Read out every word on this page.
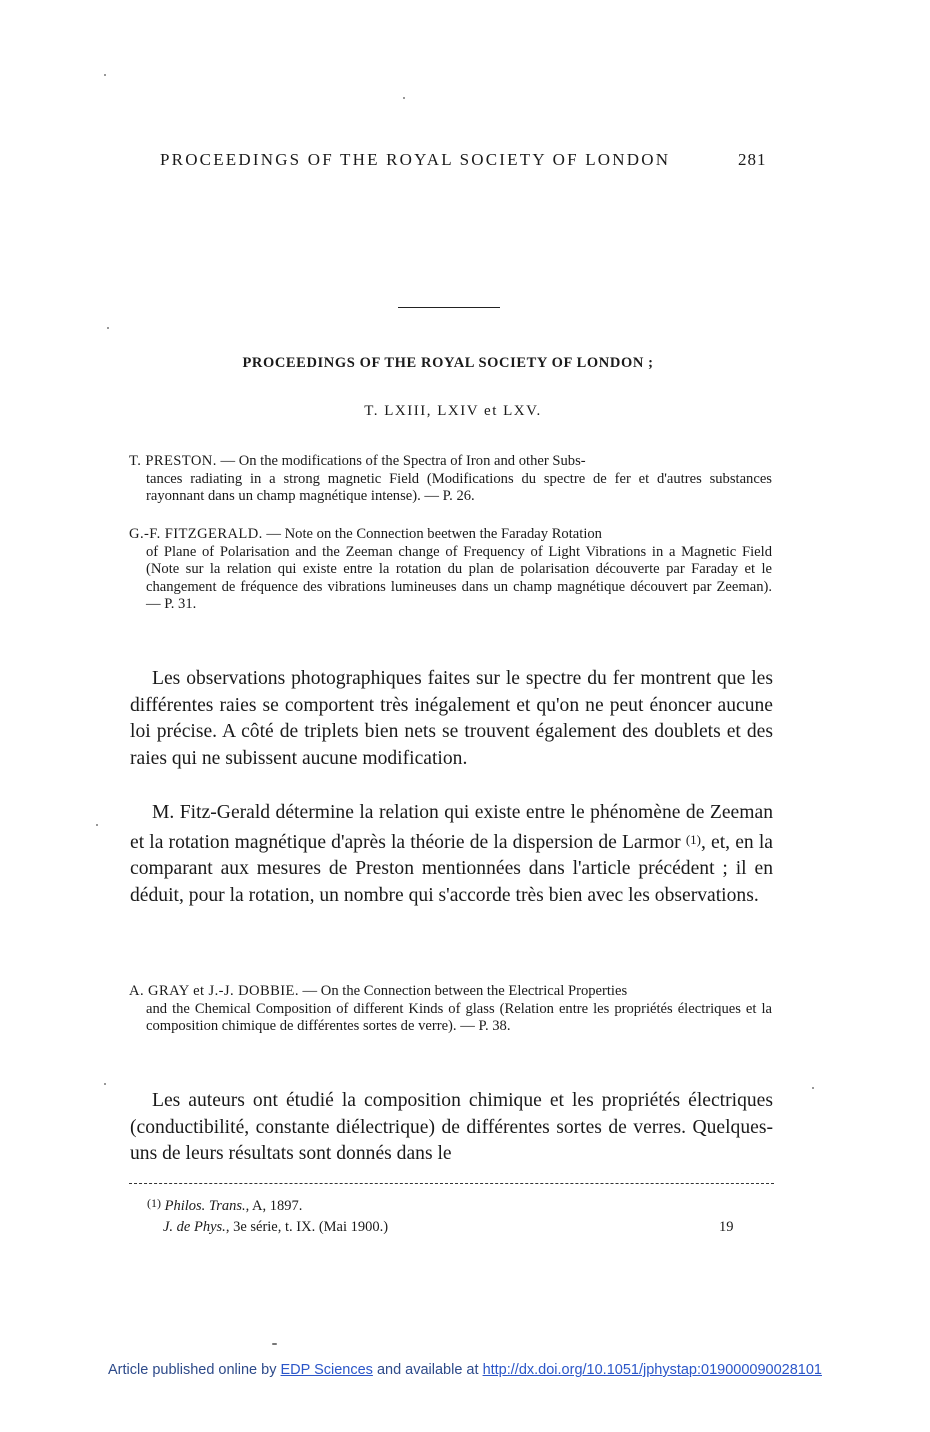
PROCEEDINGS OF THE ROYAL SOCIETY OF LONDON	281
PROCEEDINGS OF THE ROYAL SOCIETY OF LONDON ;
T. LXIII, LXIV et LXV.
T. PRESTON. — On the modifications of the Spectra of Iron and other Subs-
tances radiating in a strong magnetic Field (Modifications du spectre de fer et d'autres substances rayonnant dans un champ magnétique intense). — P. 26.
G.-F. FITZGERALD. — Note on the Connection beetwen the Faraday Rotation
of Plane of Polarisation and the Zeeman change of Frequency of Light Vibrations in a Magnetic Field (Note sur la relation qui existe entre la rotation du plan de polarisation découverte par Faraday et le changement de fréquence des vibrations lumineuses dans un champ magnétique découvert par Zeeman). — P. 31.
Les observations photographiques faites sur le spectre du fer montrent que les différentes raies se comportent très inégalement et qu'on ne peut énoncer aucune loi précise. A côté de triplets bien nets se trouvent également des doublets et des raies qui ne subissent aucune modification.
M. Fitz-Gerald détermine la relation qui existe entre le phénomène de Zeeman et la rotation magnétique d'après la théorie de la dispersion de Larmor $^{(1)}$, et, en la comparant aux mesures de Preston mentionnées dans l'article précédent ; il en déduit, pour la rotation, un nombre qui s'accorde très bien avec les observations.
A. GRAY et J.-J. DOBBIE. — On the Connection between the Electrical Properties
and the Chemical Composition of different Kinds of glass (Relation entre les propriétés électriques et la composition chimique de différentes sortes de verre). — P. 38.
Les auteurs ont étudié la composition chimique et les propriétés électriques (conductibilité, constante diélectrique) de différentes sortes de verres. Quelques-uns de leurs résultats sont donnés dans le
$^{(1)}$ Philos. Trans., A, 1897.
J. de Phys., 3e série, t. IX. (Mai 1900.)	19
Article published online by EDP Sciences and available at http://dx.doi.org/10.1051/jphystap:019000090028101
